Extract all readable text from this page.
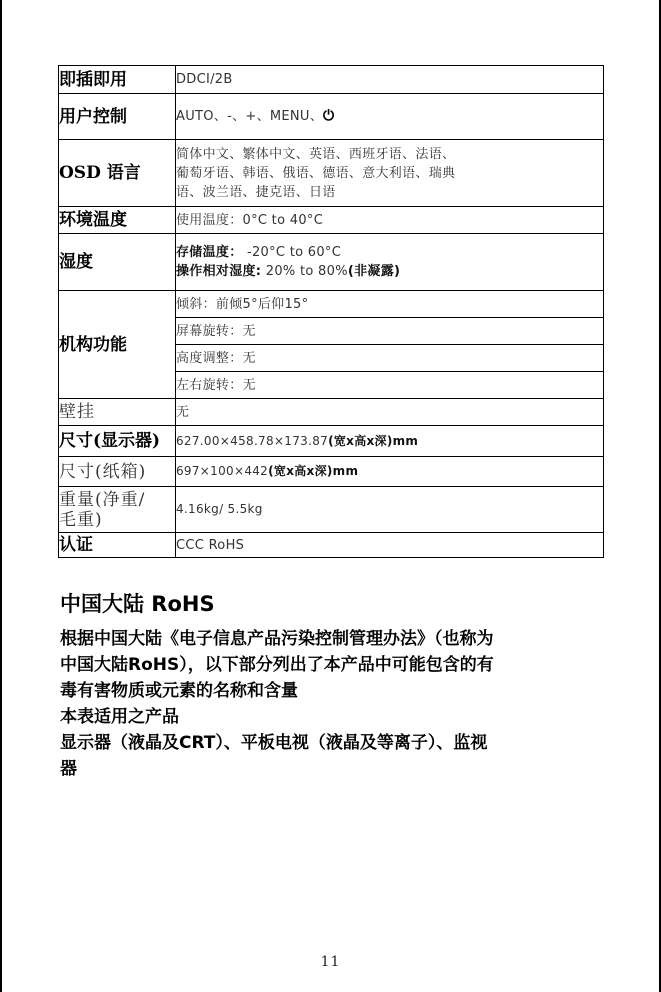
即插即用	DDCI/2B
用户控制	AUTO、-、+、MENU、⏻
OSD 语言	简体中文、繁体中文、英语、西班牙语、法语、
葡萄牙语、韩语、俄语、德语、意大利语、瑞典
语、波兰语、捷克语、日语

环境温度	使用温度：0°C to 40°C
湿度	存储温度： -20°C to 60°C
操作相对湿度: 20% to 80%(非凝露)

机构功能	倾斜：前倾5°后仰15°
	屏幕旋转：无
	高度调整：无
	左右旋转：无
壁挂	无
尺寸(显示器)	627.00×458.78×173.87(宽x高x深)mm
尺寸(纸箱)	697×100×442(宽x高x深)mm

重量(净重/
毛重)	4.16kg/ 5.5kg
认证	CCC RoHS
中国大陆 RoHS

根据中国大陆《电子信息产品污染控制管理办法》（也称为

中国大陆RoHS），以下部分列出了本产品中可能包含的有

毒有害物质或元素的名称和含量

本表适用之产品

显示器（液晶及CRT）、平板电视（液晶及等离子）、监视

器

11
